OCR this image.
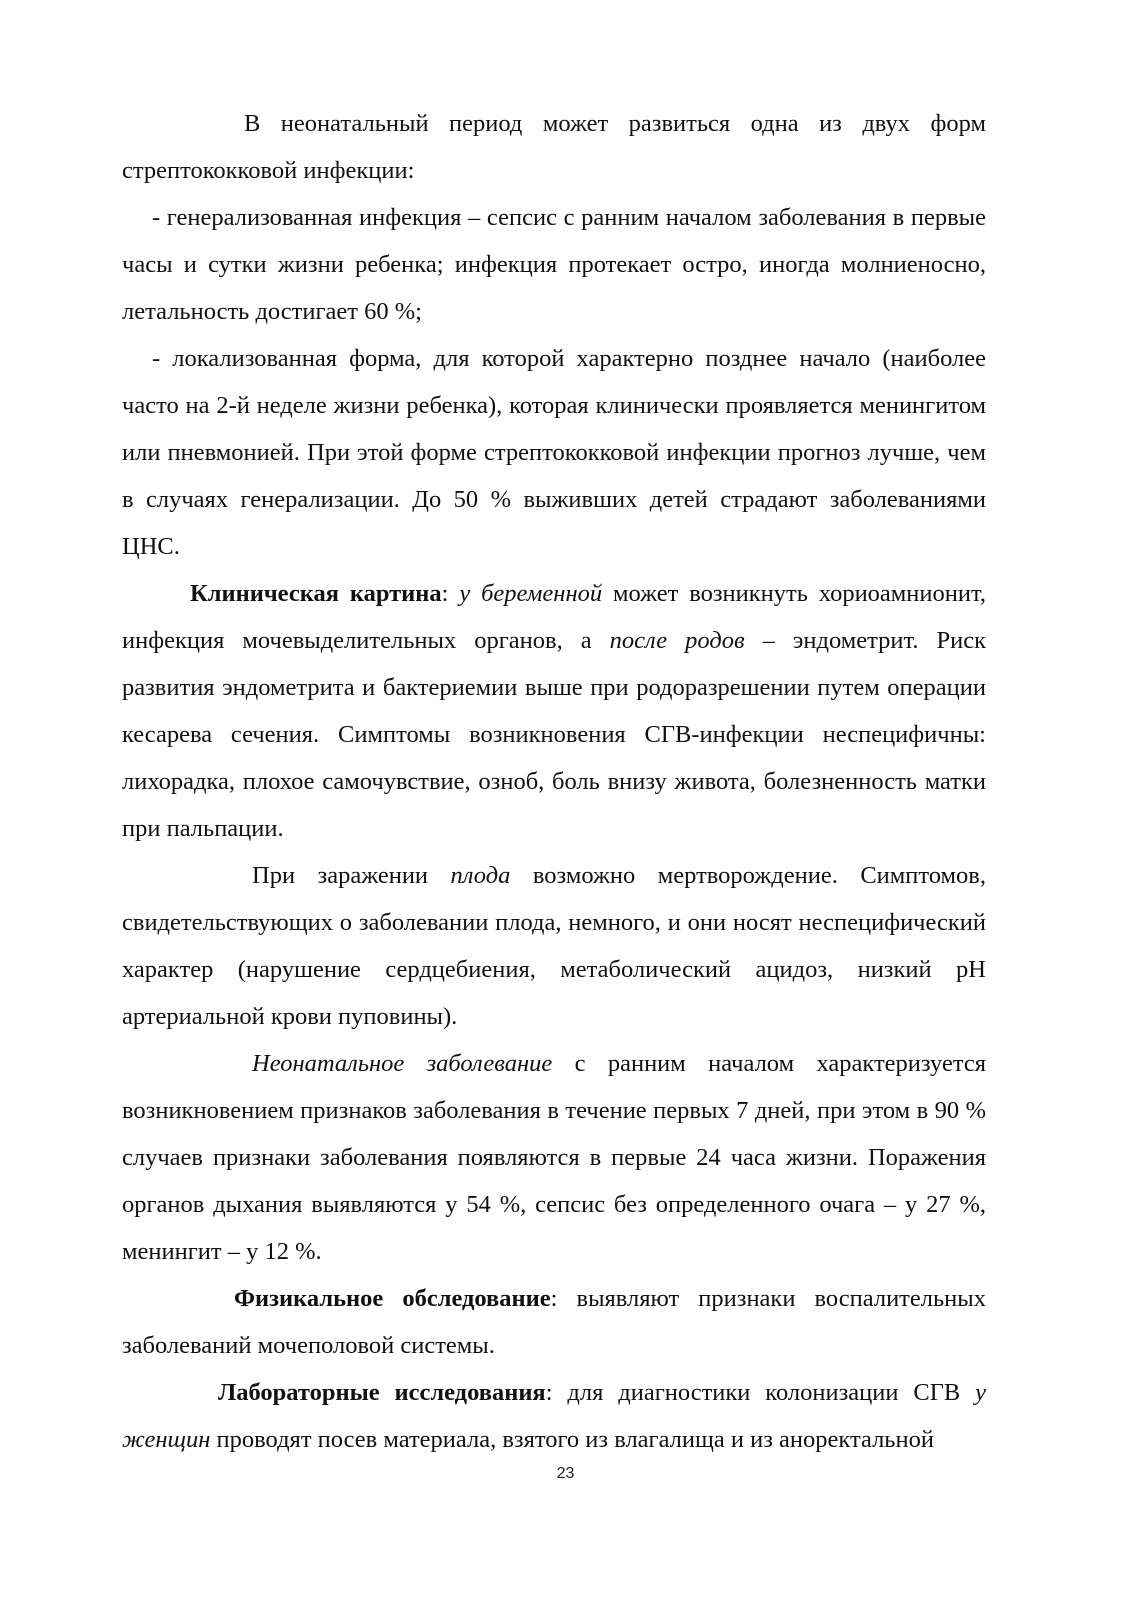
В неонатальный период может развиться одна из двух форм стрептококковой инфекции:

- генерализованная инфекция – сепсис с ранним началом заболевания в первые часы и сутки жизни ребенка; инфекция протекает остро, иногда молниеносно, летальность достигает 60 %;

- локализованная форма, для которой характерно позднее начало (наиболее часто на 2-й неделе жизни ребенка), которая клинически проявляется менингитом или пневмонией. При этой форме стрептококковой инфекции прогноз лучше, чем в случаях генерализации. До 50 % выживших детей страдают заболеваниями ЦНС.

Клиническая картина: у беременной может возникнуть хориоамнионит, инфекция мочевыделительных органов, а после родов – эндометрит. Риск развития эндометрита и бактериемии выше при родоразрешении путем операции кесарева сечения. Симптомы возникновения СГВ-инфекции неспецифичны: лихорадка, плохое самочувствие, озноб, боль внизу живота, болезненность матки при пальпации.

При заражении плода возможно мертворождение. Симптомов, свидетельствующих о заболевании плода, немного, и они носят неспецифический характер (нарушение сердцебиения, метаболический ацидоз, низкий pH артериальной крови пуповины).

Неонатальное заболевание с ранним началом характеризуется возникновением признаков заболевания в течение первых 7 дней, при этом в 90 % случаев признаки заболевания появляются в первые 24 часа жизни. Поражения органов дыхания выявляются у 54 %, сепсис без определенного очага – у 27 %, менингит – у 12 %.

Физикальное обследование: выявляют признаки воспалительных заболеваний мочеполовой системы.

Лабораторные исследования: для диагностики колонизации СГВ у женщин проводят посев материала, взятого из влагалища и из аноректальной

23
